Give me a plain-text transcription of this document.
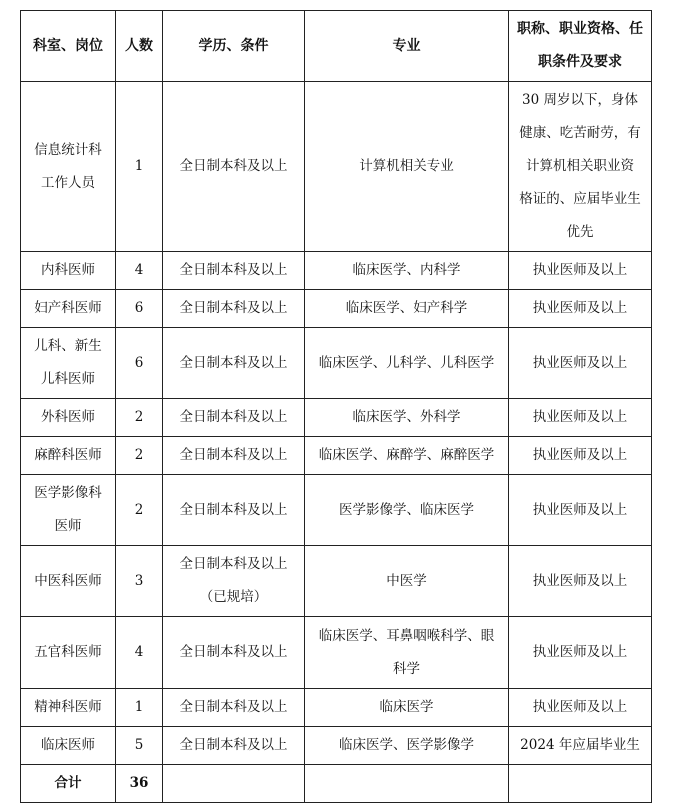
科室、岗位	人数	学历、条件	专业	职称、职业资格、任
职条件及要求

信息统计科
工作人员	1	全日制本科及以上	计算机相关专业	30 周岁以下，身体
健康、吃苦耐劳，有
计算机相关职业资
格证的、应届毕业生
优先

内科医师	4	全日制本科及以上	临床医学、内科学	执业医师及以上

妇产科医师	6	全日制本科及以上	临床医学、妇产科学	执业医师及以上

儿科、新生
儿科医师	6	全日制本科及以上	临床医学、儿科学、儿科医学	执业医师及以上

外科医师	2	全日制本科及以上	临床医学、外科学	执业医师及以上

麻醉科医师	2	全日制本科及以上	临床医学、麻醉学、麻醉医学	执业医师及以上

医学影像科
医师	2	全日制本科及以上	医学影像学、临床医学	执业医师及以上

中医科医师	3	全日制本科及以上
（已规培）	中医学	执业医师及以上

五官科医师	4	全日制本科及以上	临床医学、耳鼻咽喉科学、眼
科学	执业医师及以上

精神科医师	1	全日制本科及以上	临床医学	执业医师及以上

临床医师	5	全日制本科及以上	临床医学、医学影像学	2024 年应届毕业生

合计	36			
